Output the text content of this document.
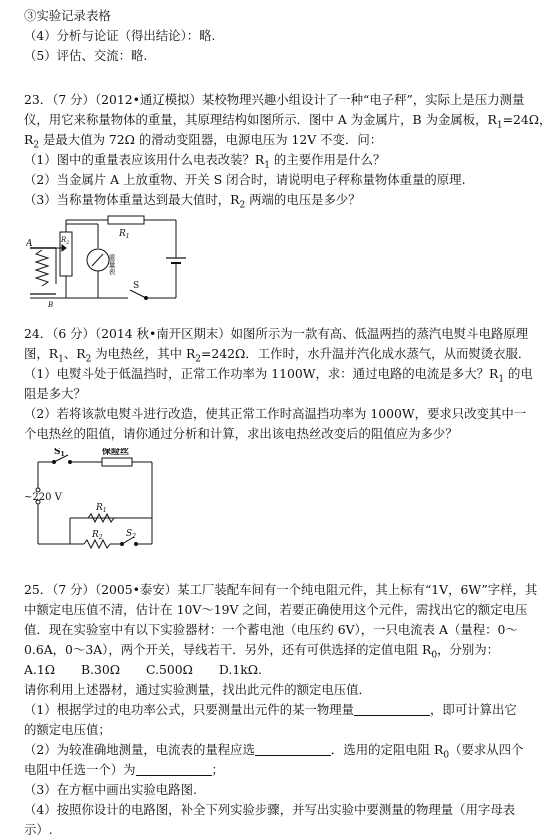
③实验记录表格
（4）分析与论证（得出结论）：略.
（5）评估、交流：略.
23．（7 分）（2012•通辽模拟）某校物理兴趣小组设计了一种“电子秤”，实际上是压力测量
仪，用它来称量物体的重量，其原理结构如图所示．图中 A 为金属片，B 为金属板，$R_1=24\Omega$，
$R_2$ 是最大值为 72Ω 的滑动变阻器，电源电压为 12V 不变．问：
（1）图中的重量表应该用什么电表改装？$R_1$ 的主要作用是什么？
（2）当金属片 A 上放重物、开关 S 闭合时，请说明电子秤称量物体重量的原理.
（3）当称量物体重量达到最大值时，$R_2$ 两端的电压是多少？
$R_1$
$R_2$
A
B
S
重量表
24．（6 分）（2014 秋•南开区期末）如图所示为一款有高、低温两挡的蒸汽电熨斗电路原理
图，$R_1$、$R_2$ 为电热丝，其中 $R_2=242\Omega$．工作时，水升温并汽化成水蒸气，从而熨烫衣服．
（1）电熨斗处于低温挡时，正常工作功率为 1100W，求：通过电路的电流是多大？$R_1$ 的电
阻是多大？
（2）若将该款电熨斗进行改造，使其正常工作时高温挡功率为 1000W，要求只改变其中一
个电热丝的阻值，请你通过分析和计算，求出该电热丝改变后的阻值应为多少？
$S_1$	保险丝
~220 V
$R_1$
$R_2$	$S_2$
25．（7 分）（2005•泰安）某工厂装配车间有一个纯电阻元件，其上标有“1V，6W”字样，其
中额定电压值不清，估计在 10V～19V 之间，若要正确使用这个元件，需找出它的额定电压
值．现在实验室中有以下实验器材：一个蓄电池（电压约 6V），一只电流表 A（量程：0～
0.6A，0～3A），两个开关，导线若干．另外，还有可供选择的定值电阻 $R_0$，分别为：
A.1Ω B.30Ω C.500Ω D.1kΩ.
请你利用上述器材，通过实验测量，找出此元件的额定电压值．
（1）根据学过的电功率公式，只要测量出元件的某一物理量	，即可计算出它
的额定电压值；
（2）为较准确地测量，电流表的量程应选	．选用的定阻电阻 $R_0$（要求从四个
电阻中任选一个）为	；
（3）在方框中画出实验电路图.
（4）按照你设计的电路图，补全下列实验步骤，并写出实验中要测量的物理量（用字母表
示）.
